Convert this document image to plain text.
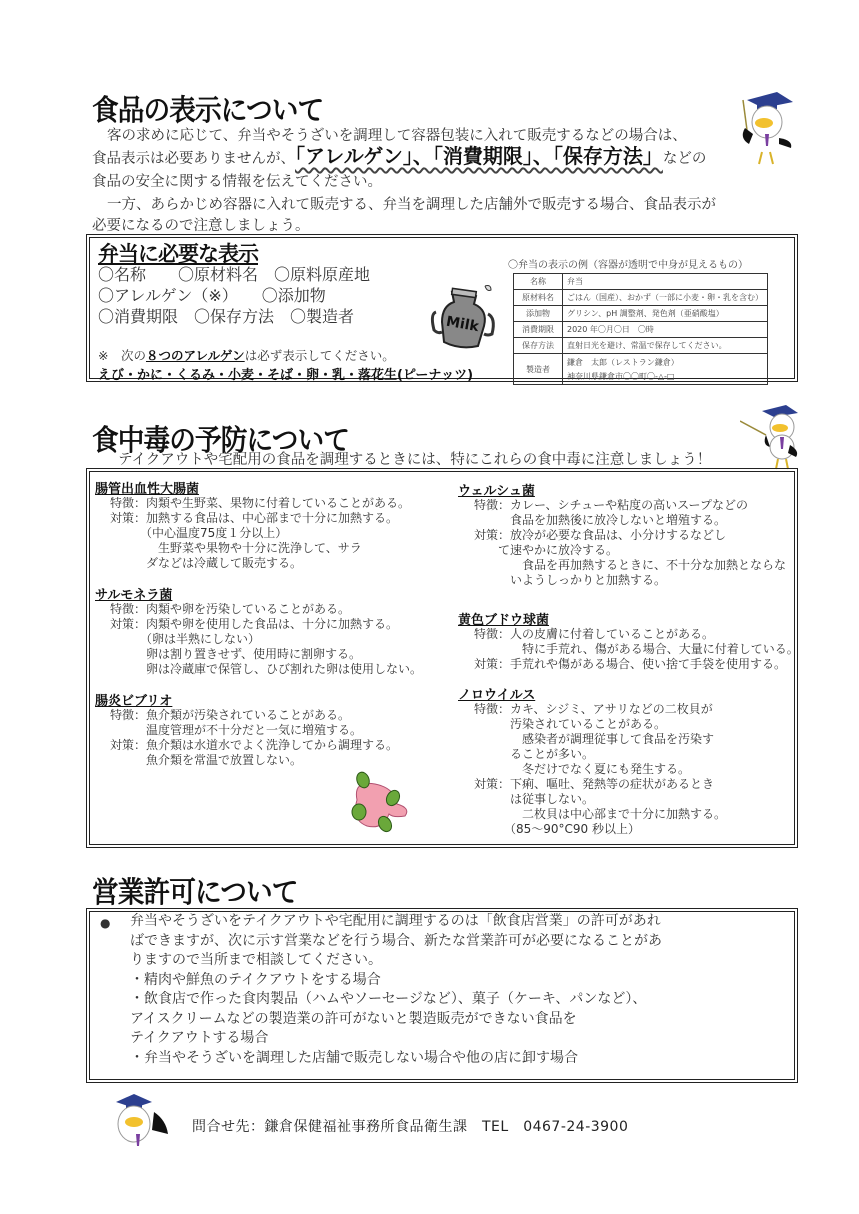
食品の表示について
客の求めに応じて、弁当やそうざいを調理して容器包装に入れて販売するなどの場合は、
食品表示は必要ありませんが、「アレルゲン」、「消費期限」、「保存方法」などの
食品の安全に関する情報を伝えてください。
一方、あらかじめ容器に入れて販売する、弁当を調理した店舗外で販売する場合、食品表示が
必要になるので注意しましょう。
弁当に必要な表示
〇名称　　〇原材料名　〇原料原産地
〇アレルゲン（※）　　〇添加物
〇消費期限　〇保存方法　〇製造者
※　次の８つのアレルゲンは必ず表示してください。
えび・かに・くるみ・小麦・そば・卵・乳・落花生(ピーナッツ)
Milk
〇弁当の表示の例（容器が透明で中身が見えるもの）
名称	弁当
原材料名	ごはん（国産）、おかず（一部に小麦・卵・乳を含む）
添加物	グリシン、pH 調整剤、発色剤（亜硝酸塩）
消費期限	2020 年〇月〇日　〇時
保存方法	直射日光を避け、常温で保存してください。
製造者	鎌倉　太郎（レストラン鎌倉）
神奈川県鎌倉市〇〇町〇-△-□
食中毒の予防について
テイクアウトや宅配用の食品を調理するときには、特にこれらの食中毒に注意しましょう！
腸管出血性大腸菌
特徴：肉類や生野菜、果物に付着していることがある。
対策：加熱する食品は、中心部まで十分に加熱する。
　　　（中心温度75度１分以上）
　　　　生野菜や果物や十分に洗浄して、サラ
　　　ダなどは冷蔵して販売する。
サルモネラ菌
特徴：肉類や卵を汚染していることがある。
対策：肉類や卵を使用した食品は、十分に加熱する。
　　　（卵は半熟にしない）
　　　卵は割り置きせず、使用時に割卵する。
　　　卵は冷蔵庫で保管し、ひび割れた卵は使用しない。
腸炎ビブリオ
特徴：魚介類が汚染されていることがある。
　　　温度管理が不十分だと一気に増殖する。
対策：魚介類は水道水でよく洗浄してから調理する。
　　　魚介類を常温で放置しない。
ウェルシュ菌
特徴：カレー、シチューや粘度の高いスープなどの
　　　食品を加熱後に放冷しないと増殖する。
対策：放冷が必要な食品は、小分けするなどし
　　て速やかに放冷する。
　　　　食品を再加熱するときに、不十分な加熱とならな
　　　いようしっかりと加熱する。
黄色ブドウ球菌
特徴：人の皮膚に付着していることがある。
　　　　特に手荒れ、傷がある場合、大量に付着している。
対策：手荒れや傷がある場合、使い捨て手袋を使用する。
ノロウイルス
特徴：カキ、シジミ、アサリなどの二枚貝が
　　　汚染されていることがある。
　　　　感染者が調理従事して食品を汚染す
　　　ることが多い。
　　　　冬だけでなく夏にも発生する。
対策：下痢、嘔吐、発熱等の症状があるとき
　　　は従事しない。
　　　　二枚貝は中心部まで十分に加熱する。
　　　（85～90°C90 秒以上）
営業許可について
● 弁当やそうざいをテイクアウトや宅配用に調理するのは「飲食店営業」の許可があれ
ばできますが、次に示す営業などを行う場合、新たな営業許可が必要になることがあ
りますので当所まで相談してください。
・精肉や鮮魚のテイクアウトをする場合
・飲食店で作った食肉製品（ハムやソーセージなど）、菓子（ケーキ、パンなど）、
アイスクリームなどの製造業の許可がないと製造販売ができない食品を
テイクアウトする場合
・弁当やそうざいを調理した店舗で販売しない場合や他の店に卸す場合
問合せ先：鎌倉保健福祉事務所食品衛生課　TEL　0467-24-3900
